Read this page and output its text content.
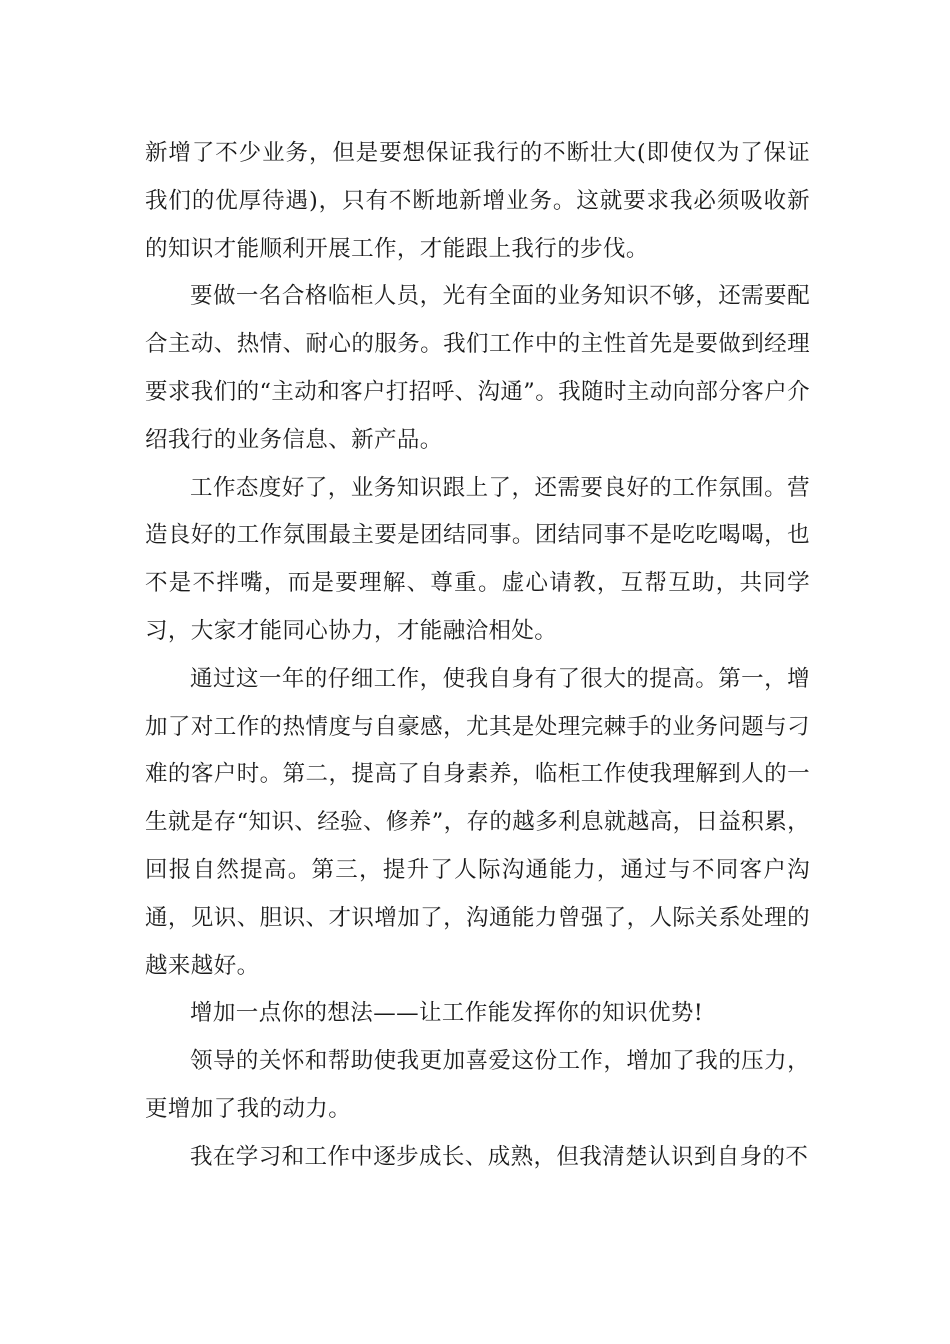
新增了不少业务，但是要想保证我行的不断壮大(即使仅为了保证我们的优厚待遇)，只有不断地新增业务。这就要求我必须吸收新的知识才能顺利开展工作，才能跟上我行的步伐。

要做一名合格临柜人员，光有全面的业务知识不够，还需要配合主动、热情、耐心的服务。我们工作中的主性首先是要做到经理要求我们的“主动和客户打招呼、沟通”。我随时主动向部分客户介绍我行的业务信息、新产品。

工作态度好了，业务知识跟上了，还需要良好的工作氛围。营造良好的工作氛围最主要是团结同事。团结同事不是吃吃喝喝，也不是不拌嘴，而是要理解、尊重。虚心请教，互帮互助，共同学习，大家才能同心协力，才能融洽相处。

通过这一年的仔细工作，使我自身有了很大的提高。第一，增加了对工作的热情度与自豪感，尤其是处理完棘手的业务问题与刁难的客户时。第二，提高了自身素养，临柜工作使我理解到人的一生就是存“知识、经验、修养”，存的越多利息就越高，日益积累，回报自然提高。第三，提升了人际沟通能力，通过与不同客户沟通，见识、胆识、才识增加了，沟通能力曾强了，人际关系处理的越来越好。

增加一点你的想法——让工作能发挥你的知识优势!

领导的关怀和帮助使我更加喜爱这份工作，增加了我的压力，更增加了我的动力。

我在学习和工作中逐步成长、成熟，但我清楚认识到自身的不
